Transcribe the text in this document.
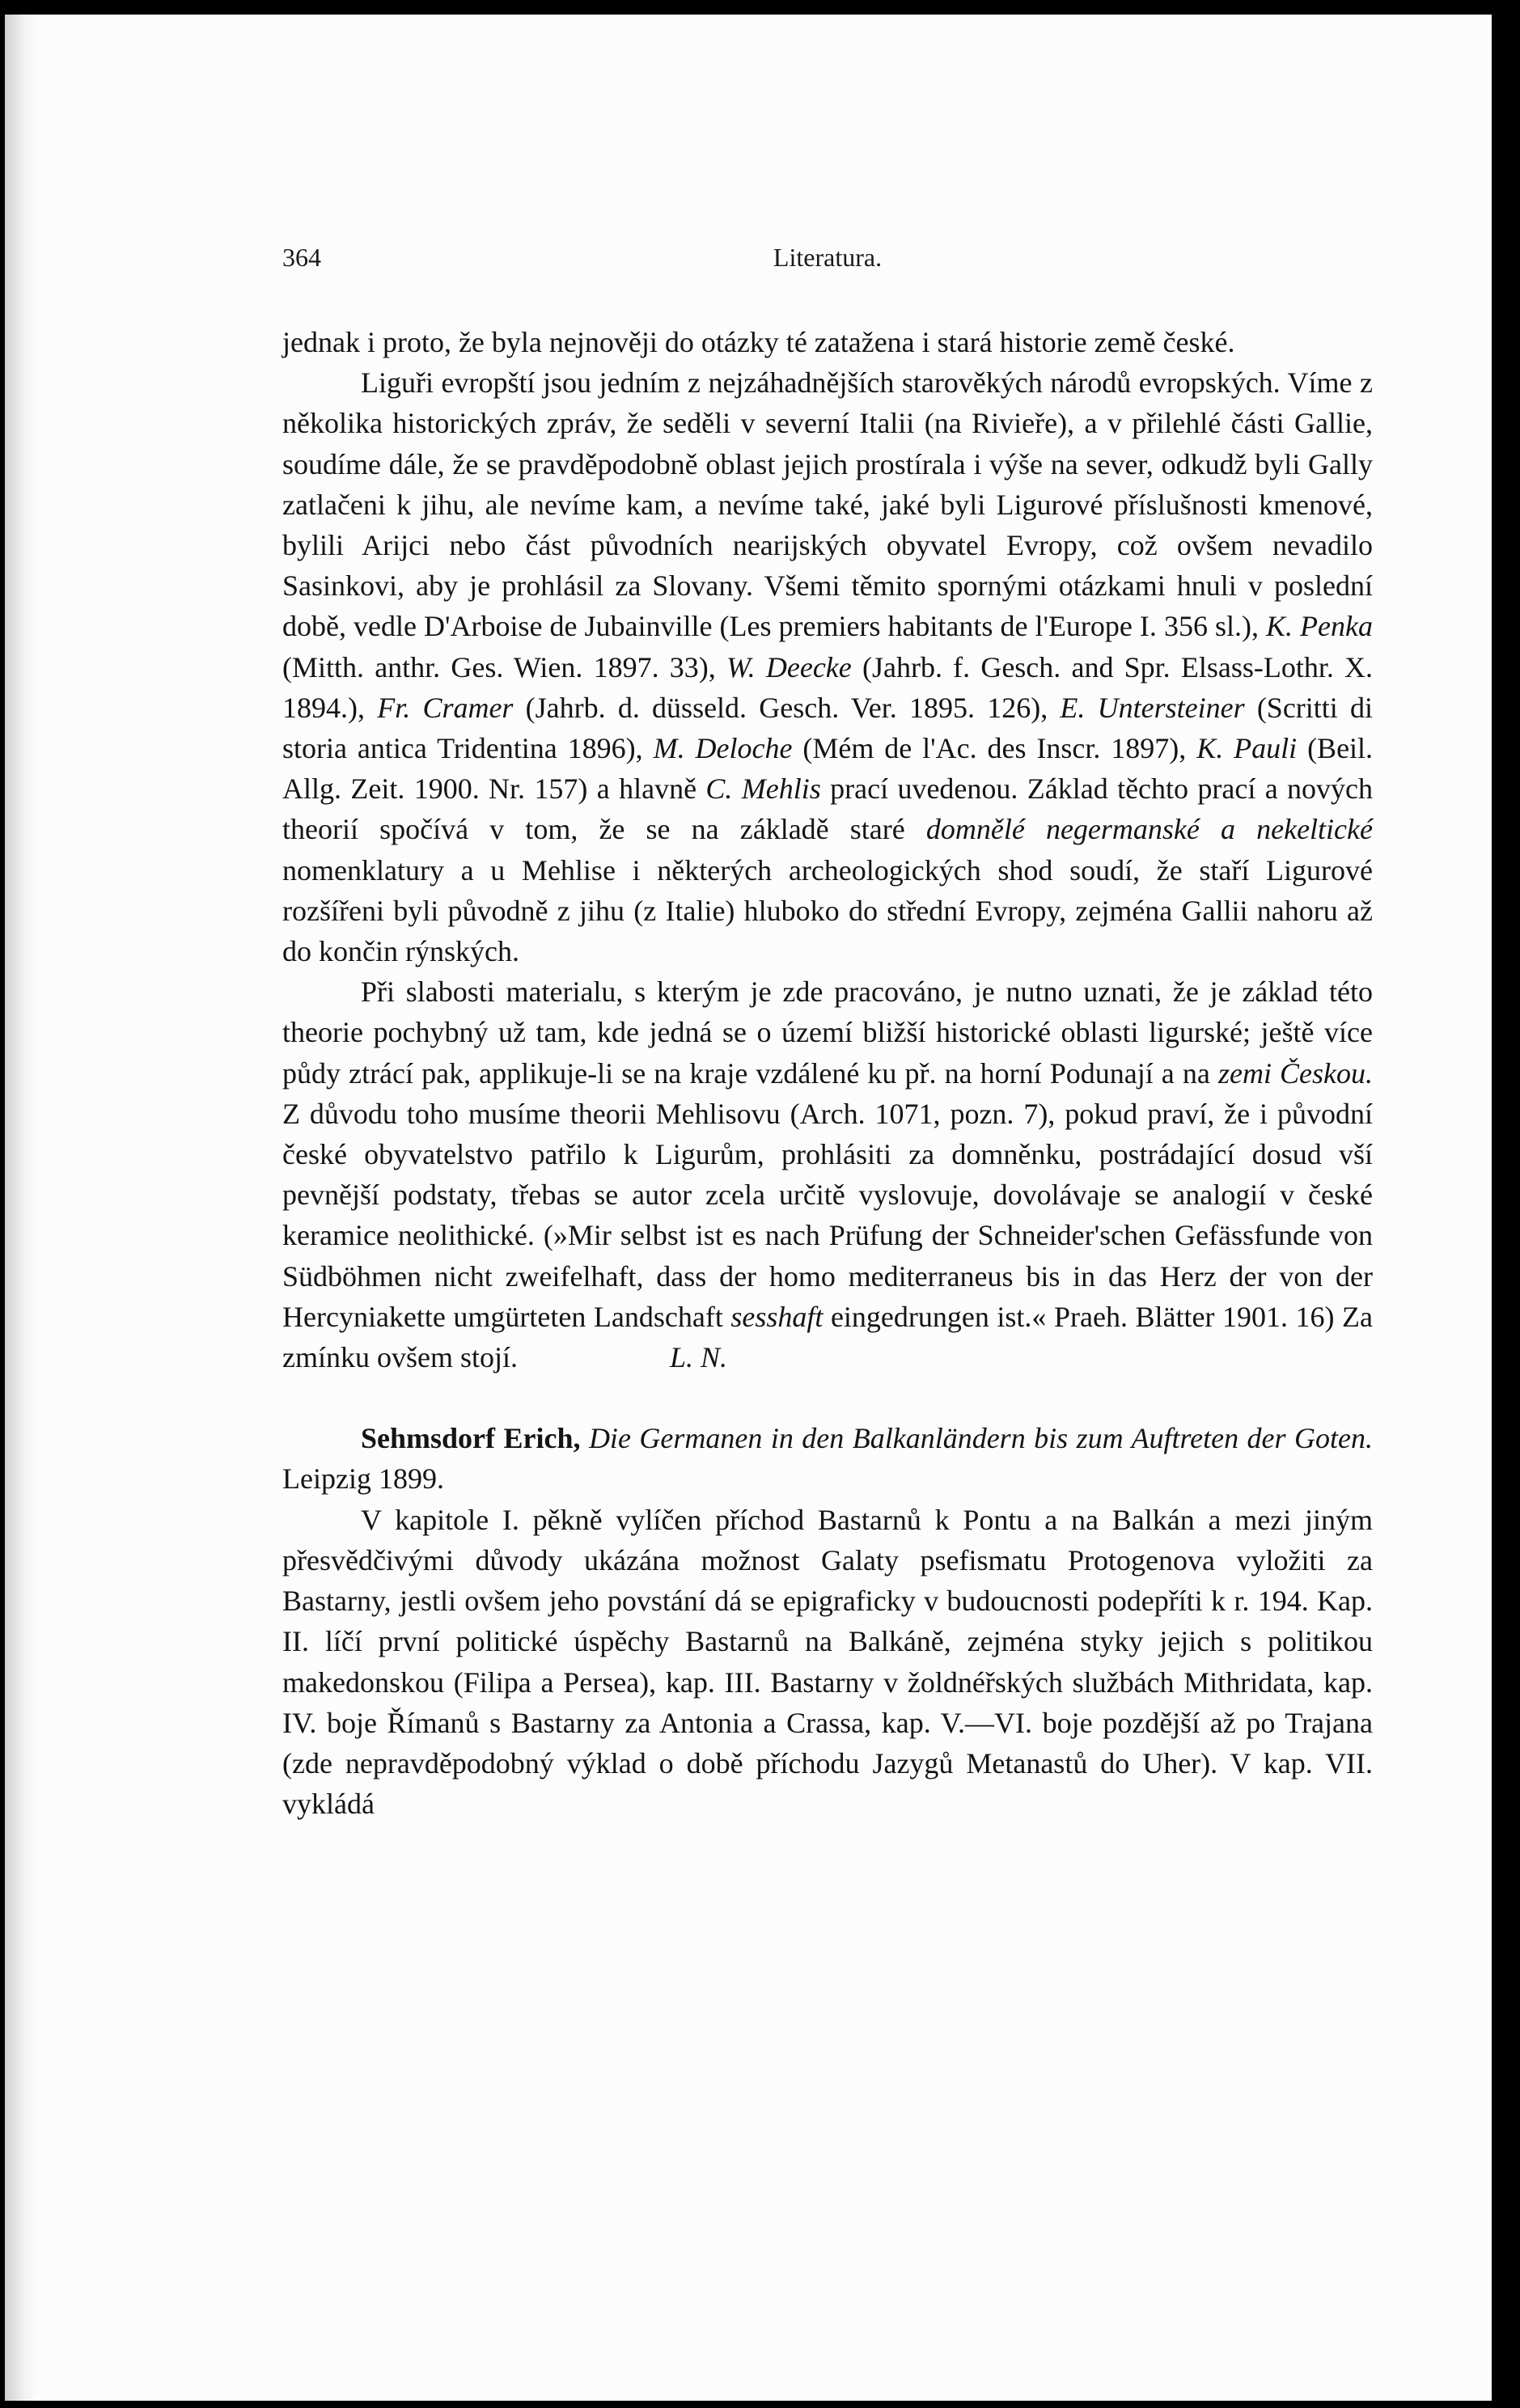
364	Literatura.

jednak i proto, že byla nejnověji do otázky té zatažena i stará historie země české.

Liguři evropští jsou jedním z nejzáhadnějších starověkých národů evropských. Víme z několika historických zpráv, že seděli v severní Italii (na Rivieře), a v přilehlé části Gallie, soudíme dále, že se pravděpodobně oblast jejich prostírala i výše na sever, odkudž byli Gally zatlačeni k jihu, ale nevíme kam, a nevíme také, jaké byli Ligurové příslušnosti kmenové, bylili Arijci nebo část původních nearijských obyvatel Evropy, což ovšem nevadilo Sasinkovi, aby je prohlásil za Slovany. Všemi těmito spornými otázkami hnuli v poslední době, vedle D'Arboise de Jubainville (Les premiers habitants de l'Europe I. 356 sl.), K. Penka (Mitth. anthr. Ges. Wien. 1897. 33), W. Deecke (Jahrb. f. Gesch. and Spr. Elsass-Lothr. X. 1894.), Fr. Cramer (Jahrb. d. düsseld. Gesch. Ver. 1895. 126), E. Untersteiner (Scritti di storia antica Tridentina 1896), M. Deloche (Mém de l'Ac. des Inscr. 1897), K. Pauli (Beil. Allg. Zeit. 1900. Nr. 157) a hlavně C. Mehlis prací uvedenou. Základ těchto prací a nových theorií spočívá v tom, že se na základě staré domnělé negermanské a nekeltické nomenklatury a u Mehlise i některých archeologických shod soudí, že staří Ligurové rozšířeni byli původně z jihu (z Italie) hluboko do střední Evropy, zejména Gallii nahoru až do končin rýnských.

Při slabosti materialu, s kterým je zde pracováno, je nutno uznati, že je základ této theorie pochybný už tam, kde jedná se o území bližší historické oblasti ligurské; ještě více půdy ztrácí pak, applikuje-li se na kraje vzdálené ku př. na horní Podunají a na zemi Českou. Z důvodu toho musíme theorii Mehlisovu (Arch. 1071, pozn. 7), pokud praví, že i původní české obyvatelstvo patřilo k Ligurům, prohlásiti za domněnku, postrádající dosud vší pevnější podstaty, třebas se autor zcela určitě vyslovuje, dovolávaje se analogií v české keramice neolithické. (»Mir selbst ist es nach Prüfung der Schneider'schen Gefässfunde von Südböhmen nicht zweifelhaft, dass der homo mediterraneus bis in das Herz der von der Hercyniakette umgürteten Landschaft sesshaft eingedrungen ist.« Praeh. Blätter 1901. 16) Za zmínku ovšem stojí.	L. N.

Sehmsdorf Erich, Die Germanen in den Balkanländern bis zum Auftreten der Goten. Leipzig 1899.

V kapitole I. pěkně vylíčen příchod Bastarnů k Pontu a na Balkán a mezi jiným přesvědčivými důvody ukázána možnost Galaty psefismatu Protogenova vyložiti za Bastarny, jestli ovšem jeho povstání dá se epigraficky v budoucnosti podepříti k r. 194. Kap. II. líčí první politické úspěchy Bastarnů na Balkáně, zejména styky jejich s politikou makedonskou (Filipa a Persea), kap. III. Bastarny v žoldnéřských službách Mithridata, kap. IV. boje Římanů s Bastarny za Antonia a Crassa, kap. V.—VI. boje pozdější až po Trajana (zde nepravděpodobný výklad o době příchodu Jazygů Metanastů do Uher). V kap. VII. vykládá
